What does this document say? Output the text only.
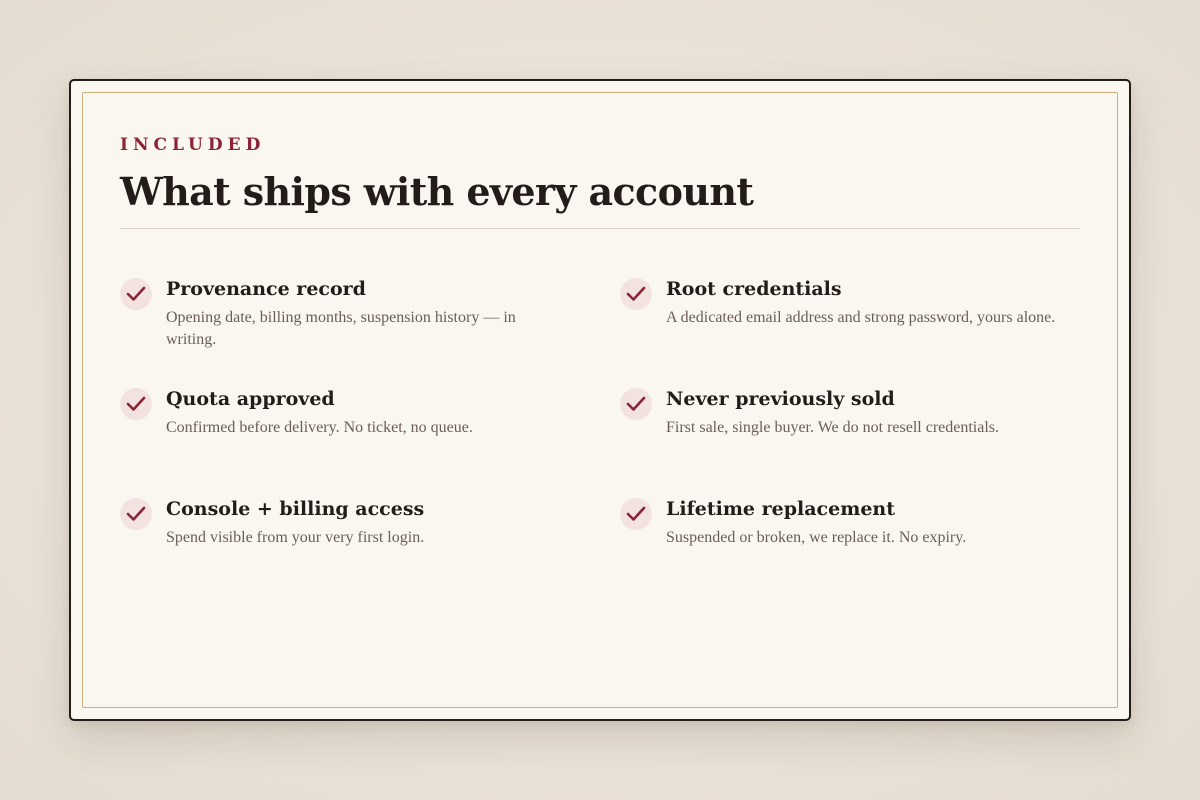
INCLUDED

What ships with every account
Provenance record

Opening date, billing months, suspension history — in writing.

Root credentials

A dedicated email address and strong password, yours alone.

Quota approved

Confirmed before delivery. No ticket, no queue.

Never previously sold

First sale, single buyer. We do not resell credentials.

Console + billing access

Spend visible from your very first login.

Lifetime replacement

Suspended or broken, we replace it. No expiry.
